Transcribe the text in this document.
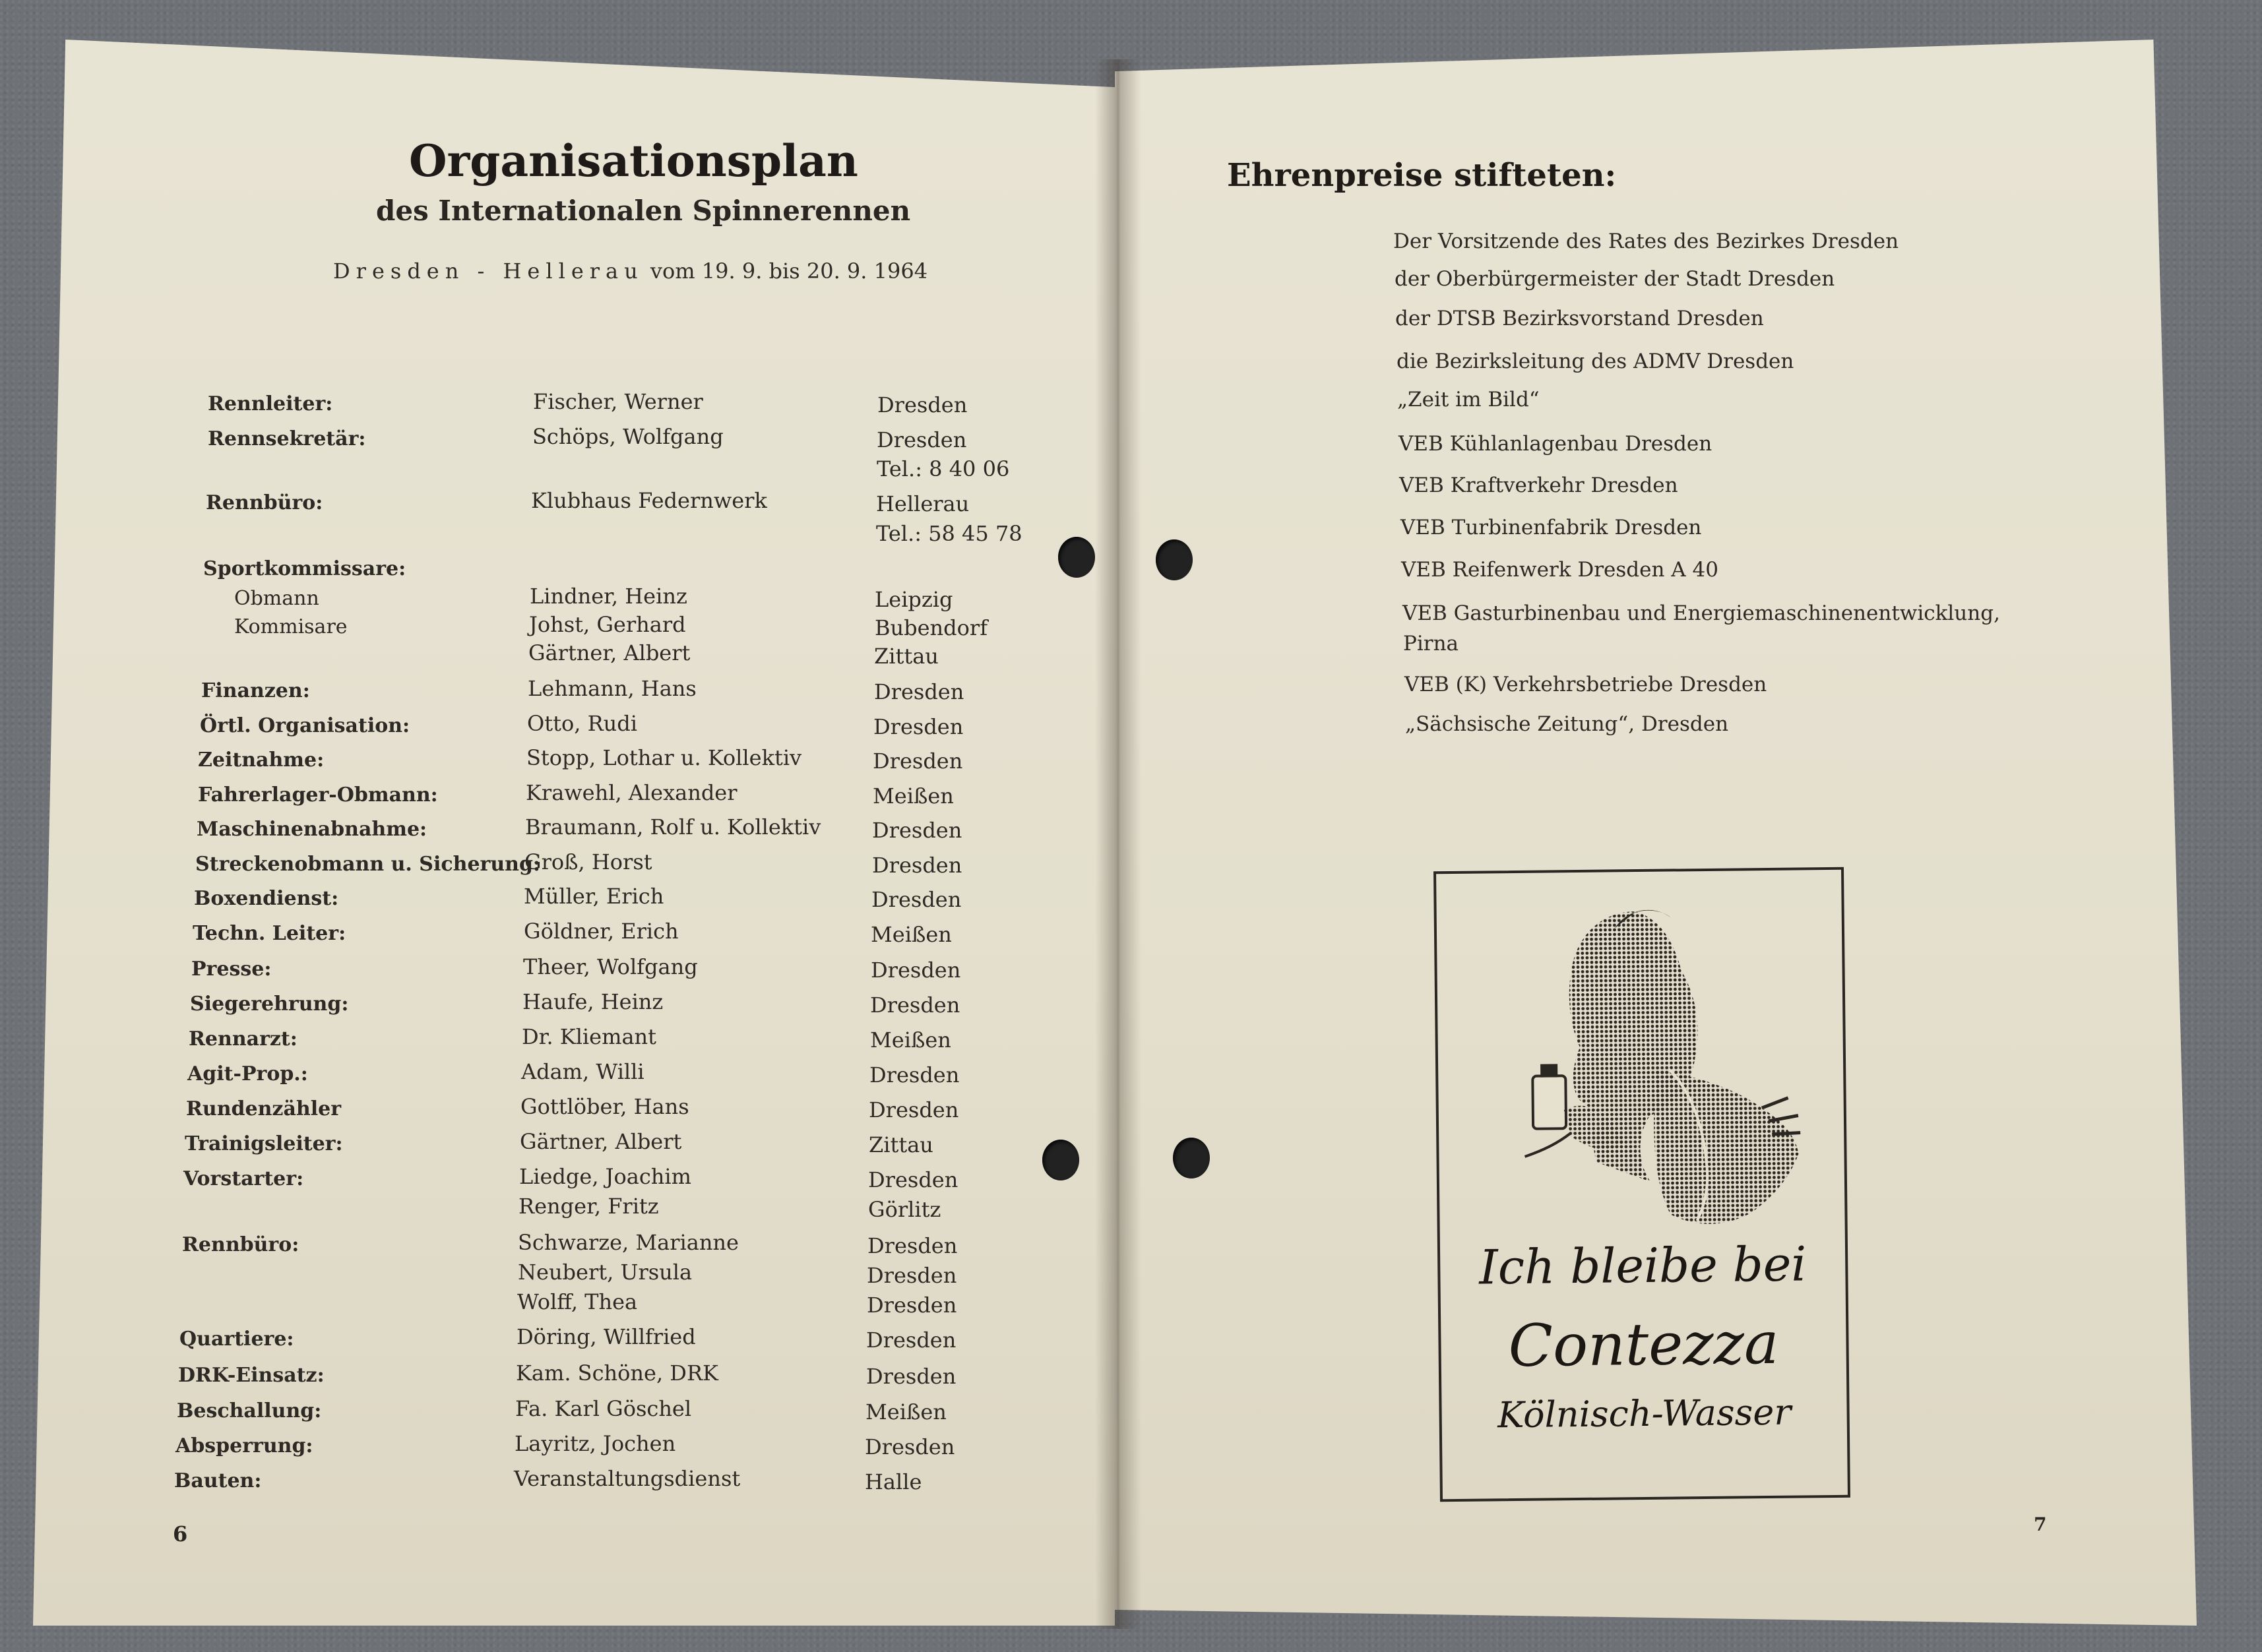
Organisationsplan
des Internationalen Spinnerennen
Dresden - Hellerau vom 19. 9. bis 20. 9. 1964
Rennleiter:	Fischer, Werner	Dresden
Rennsekretär:	Schöps, Wolfgang	Dresden
Tel.: 8 40 06
Rennbüro:	Klubhaus Federnwerk	Hellerau
Tel.: 58 45 78
Sportkommissare:
Obmann	Lindner, Heinz	Leipzig
Kommisare	Johst, Gerhard	Bubendorf
Gärtner, Albert	Zittau
Finanzen:	Lehmann, Hans	Dresden
Örtl. Organisation:	Otto, Rudi	Dresden
Zeitnahme:	Stopp, Lothar u. Kollektiv	Dresden
Fahrerlager-Obmann:	Krawehl, Alexander	Meißen
Maschinenabnahme:	Braumann, Rolf u. Kollektiv Dresden
Streckenobmann u. Sicherung:
Groß, Horst	Dresden
Boxendienst:	Müller, Erich	Dresden
Techn. Leiter:	Göldner, Erich	Meißen
Presse:	Theer, Wolfgang	Dresden
Siegerehrung:	Haufe, Heinz	Dresden
Rennarzt:	Dr. Kliemant	Meißen
Agit-Prop.:	Adam, Willi	Dresden
Rundenzähler	Gottlöber, Hans	Dresden
Trainigsleiter:	Gärtner, Albert	Zittau
Vorstarter:	Liedge, Joachim	Dresden
Renger, Fritz	Görlitz
Rennbüro:	Schwarze, Marianne	Dresden
Neubert, Ursula	Dresden
Wolff, Thea	Dresden
Quartiere:	Döring, Willfried	Dresden
DRK-Einsatz:	Kam. Schöne, DRK	Dresden
Beschallung:	Fa. Karl Göschel	Meißen
Absperrung:	Layritz, Jochen	Dresden
Bauten:	Veranstaltungsdienst	Halle
6
Ehrenpreise stifteten:
Der Vorsitzende des Rates des Bezirkes Dresden
der Oberbürgermeister der Stadt Dresden
der DTSB Bezirksvorstand Dresden
die Bezirksleitung des ADMV Dresden
„Zeit im Bild“
VEB Kühlanlagenbau Dresden
VEB Kraftverkehr Dresden
VEB Turbinenfabrik Dresden
VEB Reifenwerk Dresden A 40
VEB Gasturbinenbau und Energiemaschinenentwicklung,
Pirna
VEB (K) Verkehrsbetriebe Dresden
„Sächsische Zeitung“, Dresden
Ich bleibe bei
Contezza
Kölnisch-Wasser
7
